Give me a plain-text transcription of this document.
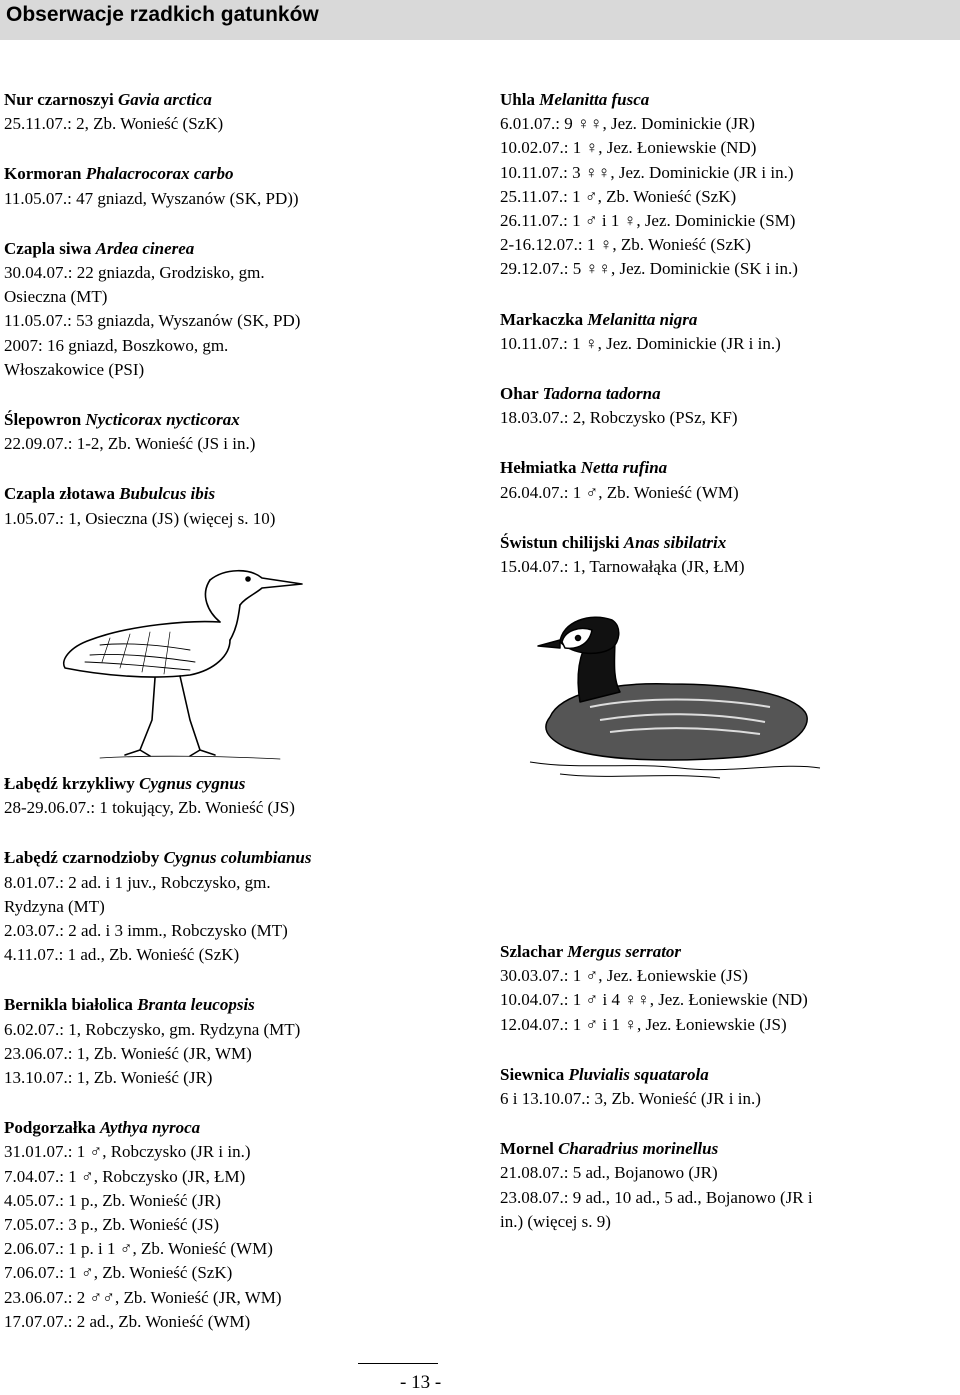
Obserwacje rzadkich gatunków
Nur czarnoszyi Gavia arctica
25.11.07.: 2, Zb. Wonieść (SzK)
Kormoran Phalacrocorax carbo
11.05.07.: 47 gniazd, Wyszanów (SK, PD))
Czapla siwa Ardea cinerea
30.04.07.: 22 gniazda, Grodzisko, gm.
Osieczna (MT)
11.05.07.: 53 gniazda, Wyszanów (SK, PD)
2007: 16 gniazd, Boszkowo, gm.
Włoszakowice (PSI)
Ślepowron Nycticorax nycticorax
22.09.07.: 1-2, Zb. Wonieść (JS i in.)
Czapla złotawa Bubulcus ibis
1.05.07.: 1, Osieczna (JS) (więcej s. 10)
Łabędź krzykliwy Cygnus cygnus
28-29.06.07.: 1 tokujący, Zb. Wonieść (JS)
Łabędź czarnodzioby Cygnus columbianus
8.01.07.: 2 ad. i 1 juv., Robczysko, gm.
Rydzyna (MT)
2.03.07.: 2 ad. i 3 imm., Robczysko (MT)
4.11.07.: 1 ad., Zb. Wonieść (SzK)
Bernikla białolica Branta leucopsis
6.02.07.: 1, Robczysko, gm. Rydzyna (MT)
23.06.07.: 1, Zb. Wonieść (JR, WM)
13.10.07.: 1, Zb. Wonieść (JR)
Podgorzałka Aythya nyroca
31.01.07.: 1 ♂, Robczysko (JR i in.)
7.04.07.: 1 ♂, Robczysko (JR, ŁM)
4.05.07.: 1 p., Zb. Wonieść (JR)
7.05.07.: 3 p., Zb. Wonieść (JS)
2.06.07.: 1 p. i 1 ♂, Zb. Wonieść (WM)
7.06.07.: 1 ♂, Zb. Wonieść (SzK)
23.06.07.: 2 ♂♂, Zb. Wonieść (JR, WM)
17.07.07.: 2 ad., Zb. Wonieść (WM)
Uhla Melanitta fusca
6.01.07.: 9 ♀♀, Jez. Dominickie (JR)
10.02.07.: 1 ♀, Jez. Łoniewskie (ND)
10.11.07.: 3 ♀♀, Jez. Dominickie (JR i in.)
25.11.07.: 1 ♂, Zb. Wonieść (SzK)
26.11.07.: 1 ♂ i 1 ♀, Jez. Dominickie (SM)
2-16.12.07.: 1 ♀, Zb. Wonieść (SzK)
29.12.07.: 5 ♀♀, Jez. Dominickie (SK i in.)
Markaczka Melanitta nigra
10.11.07.: 1 ♀, Jez. Dominickie (JR i in.)
Ohar Tadorna tadorna
18.03.07.: 2, Robczysko (PSz, KF)
Hełmiatka Netta rufina
26.04.07.: 1 ♂, Zb. Wonieść (WM)
Świstun chilijski Anas sibilatrix
15.04.07.: 1, Tarnowałąka (JR, ŁM)
Szlachar Mergus serrator
30.03.07.: 1 ♂, Jez. Łoniewskie (JS)
10.04.07.: 1 ♂ i 4 ♀♀, Jez. Łoniewskie (ND)
12.04.07.: 1 ♂ i 1 ♀, Jez. Łoniewskie (JS)
Siewnica Pluvialis squatarola
6 i 13.10.07.: 3, Zb. Wonieść (JR i in.)
Mornel Charadrius morinellus
21.08.07.: 5 ad., Bojanowo (JR)
23.08.07.: 9 ad., 10 ad., 5 ad., Bojanowo (JR i
in.) (więcej s. 9)
- 13 -
